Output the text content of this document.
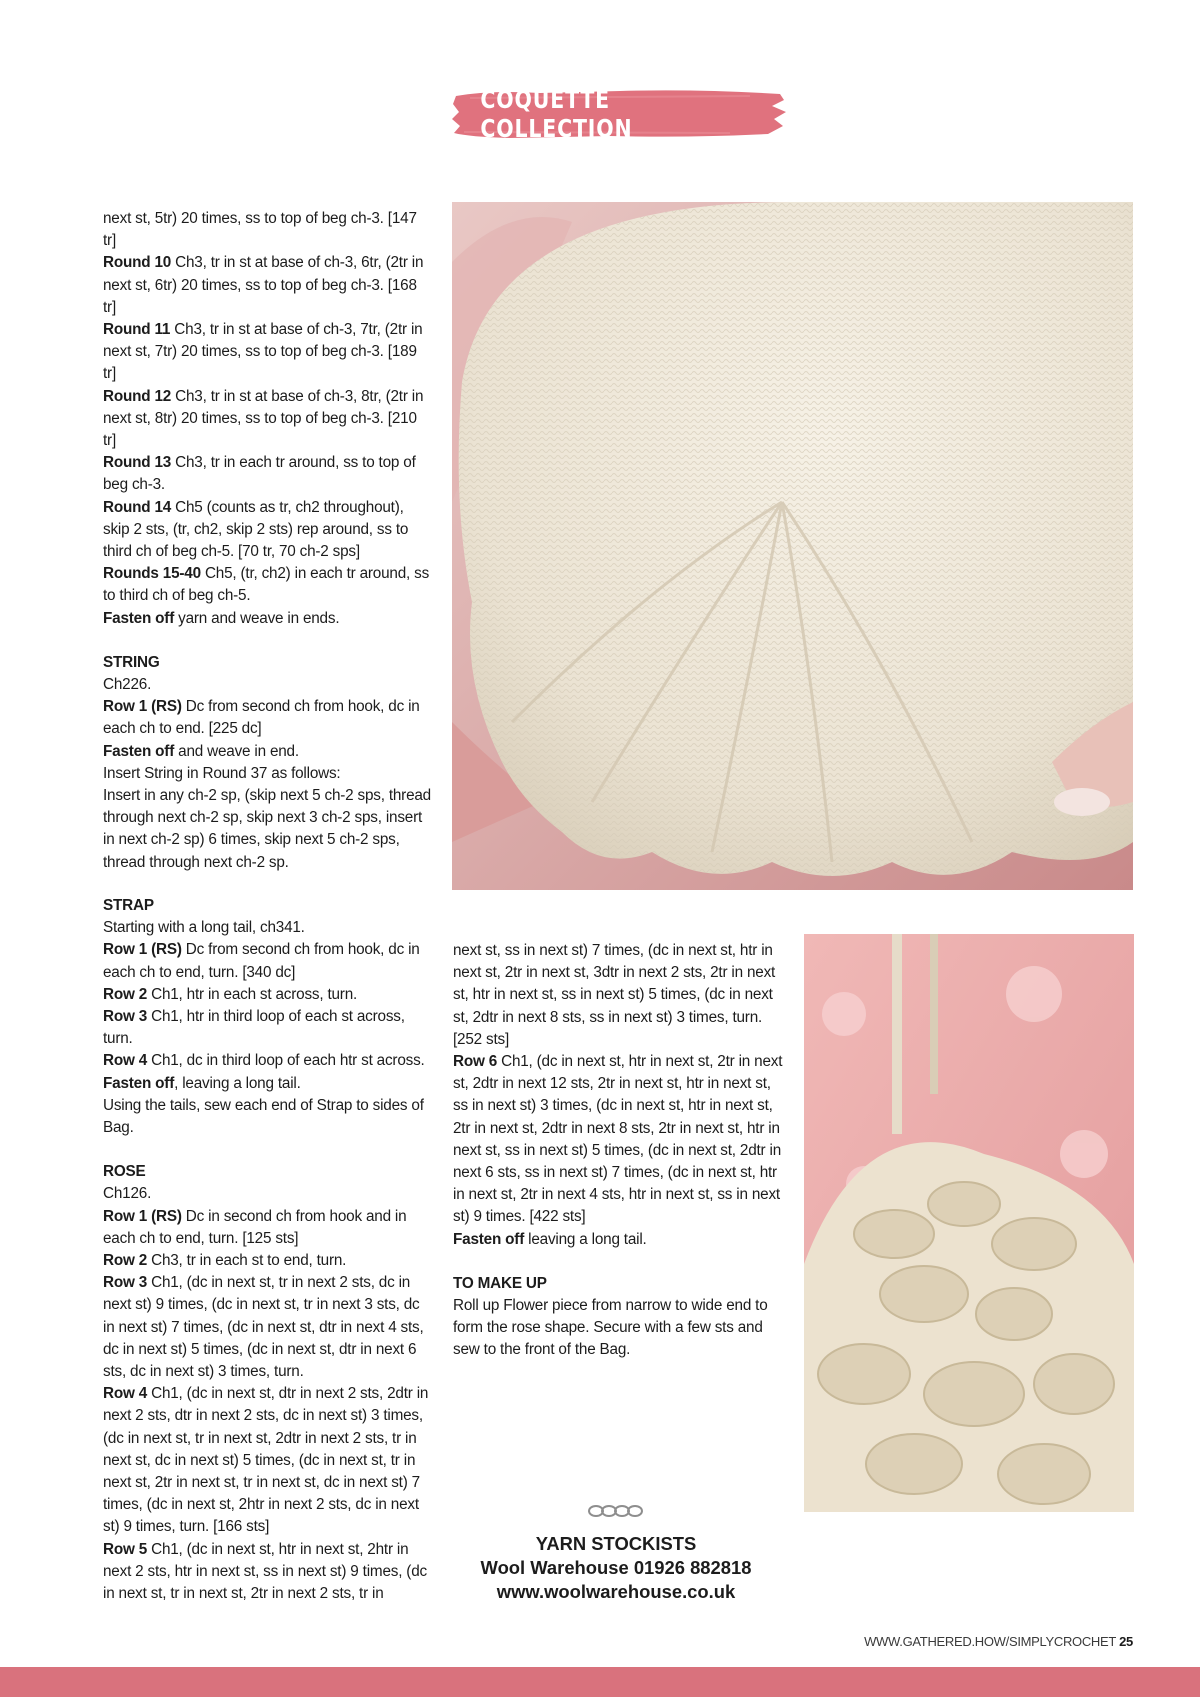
COQUETTE COLLECTION
next st, 5tr) 20 times, ss to top of beg ch-3. [147 tr]
Round 10 Ch3, tr in st at base of ch-3, 6tr, (2tr in next st, 6tr) 20 times, ss to top of beg ch-3. [168 tr]
Round 11 Ch3, tr in st at base of ch-3, 7tr, (2tr in next st, 7tr) 20 times, ss to top of beg ch-3. [189 tr]
Round 12 Ch3, tr in st at base of ch-3, 8tr, (2tr in next st, 8tr) 20 times, ss to top of beg ch-3. [210 tr]
Round 13 Ch3, tr in each tr around, ss to top of beg ch-3.
Round 14 Ch5 (counts as tr, ch2 throughout), skip 2 sts, (tr, ch2, skip 2 sts) rep around, ss to third ch of beg ch-5. [70 tr, 70 ch-2 sps]
Rounds 15-40 Ch5, (tr, ch2) in each tr around, ss to third ch of beg ch-5.
Fasten off yarn and weave in ends.
STRING
Ch226.
Row 1 (RS) Dc from second ch from hook, dc in each ch to end. [225 dc]
Fasten off and weave in end.
Insert String in Round 37 as follows:
Insert in any ch-2 sp, (skip next 5 ch-2 sps, thread through next ch-2 sp, skip next 3 ch-2 sps, insert in next ch-2 sp) 6 times, skip next 5 ch-2 sps, thread through next ch-2 sp.
STRAP
Starting with a long tail, ch341.
Row 1 (RS) Dc from second ch from hook, dc in each ch to end, turn. [340 dc]
Row 2 Ch1, htr in each st across, turn.
Row 3 Ch1, htr in third loop of each st across, turn.
Row 4 Ch1, dc in third loop of each htr st across.
Fasten off, leaving a long tail.
Using the tails, sew each end of Strap to sides of Bag.
ROSE
Ch126.
Row 1 (RS) Dc in second ch from hook and in each ch to end, turn. [125 sts]
Row 2 Ch3, tr in each st to end, turn.
Row 3 Ch1, (dc in next st, tr in next 2 sts, dc in next st) 9 times, (dc in next st, tr in next 3 sts, dc in next st) 7 times, (dc in next st, dtr in next 4 sts, dc in next st) 5 times, (dc in next st, dtr in next 6 sts, dc in next st) 3 times, turn.
Row 4 Ch1, (dc in next st, dtr in next 2 sts, 2dtr in next 2 sts, dtr in next 2 sts, dc in next st) 3 times, (dc in next st, tr in next st, 2dtr in next 2 sts, tr in next st, dc in next st) 5 times, (dc in next st, tr in next st, 2tr in next st, tr in next st, dc in next st) 7 times, (dc in next st, 2htr in next 2 sts, dc in next st) 9 times, turn. [166 sts]
Row 5 Ch1, (dc in next st, htr in next st, 2htr in next 2 sts, htr in next st, ss in next st) 9 times, (dc in next st, tr in next st, 2tr in next 2 sts, tr in
next st, ss in next st) 7 times, (dc in next st, htr in next st, 2tr in next st, 3dtr in next 2 sts, 2tr in next st, htr in next st, ss in next st) 5 times, (dc in next st, 2dtr in next 8 sts, ss in next st) 3 times, turn. [252 sts]
Row 6 Ch1, (dc in next st, htr in next st, 2tr in next st, 2dtr in next 12 sts, 2tr in next st, htr in next st, ss in next st) 3 times, (dc in next st, htr in next st, 2tr in next st, 2dtr in next 8 sts, 2tr in next st, htr in next st, ss in next st) 5 times, (dc in next st, 2dtr in next 6 sts, ss in next st) 7 times, (dc in next st, htr in next st, 2tr in next 4 sts, htr in next st, ss in next st) 9 times. [422 sts]
Fasten off leaving a long tail.
TO MAKE UP
Roll up Flower piece from narrow to wide end to form the rose shape. Secure with a few sts and sew to the front of the Bag.
YARN STOCKISTS
Wool Warehouse 01926 882818
www.woolwarehouse.co.uk
WWW.GATHERED.HOW/SIMPLYCROCHET 25
